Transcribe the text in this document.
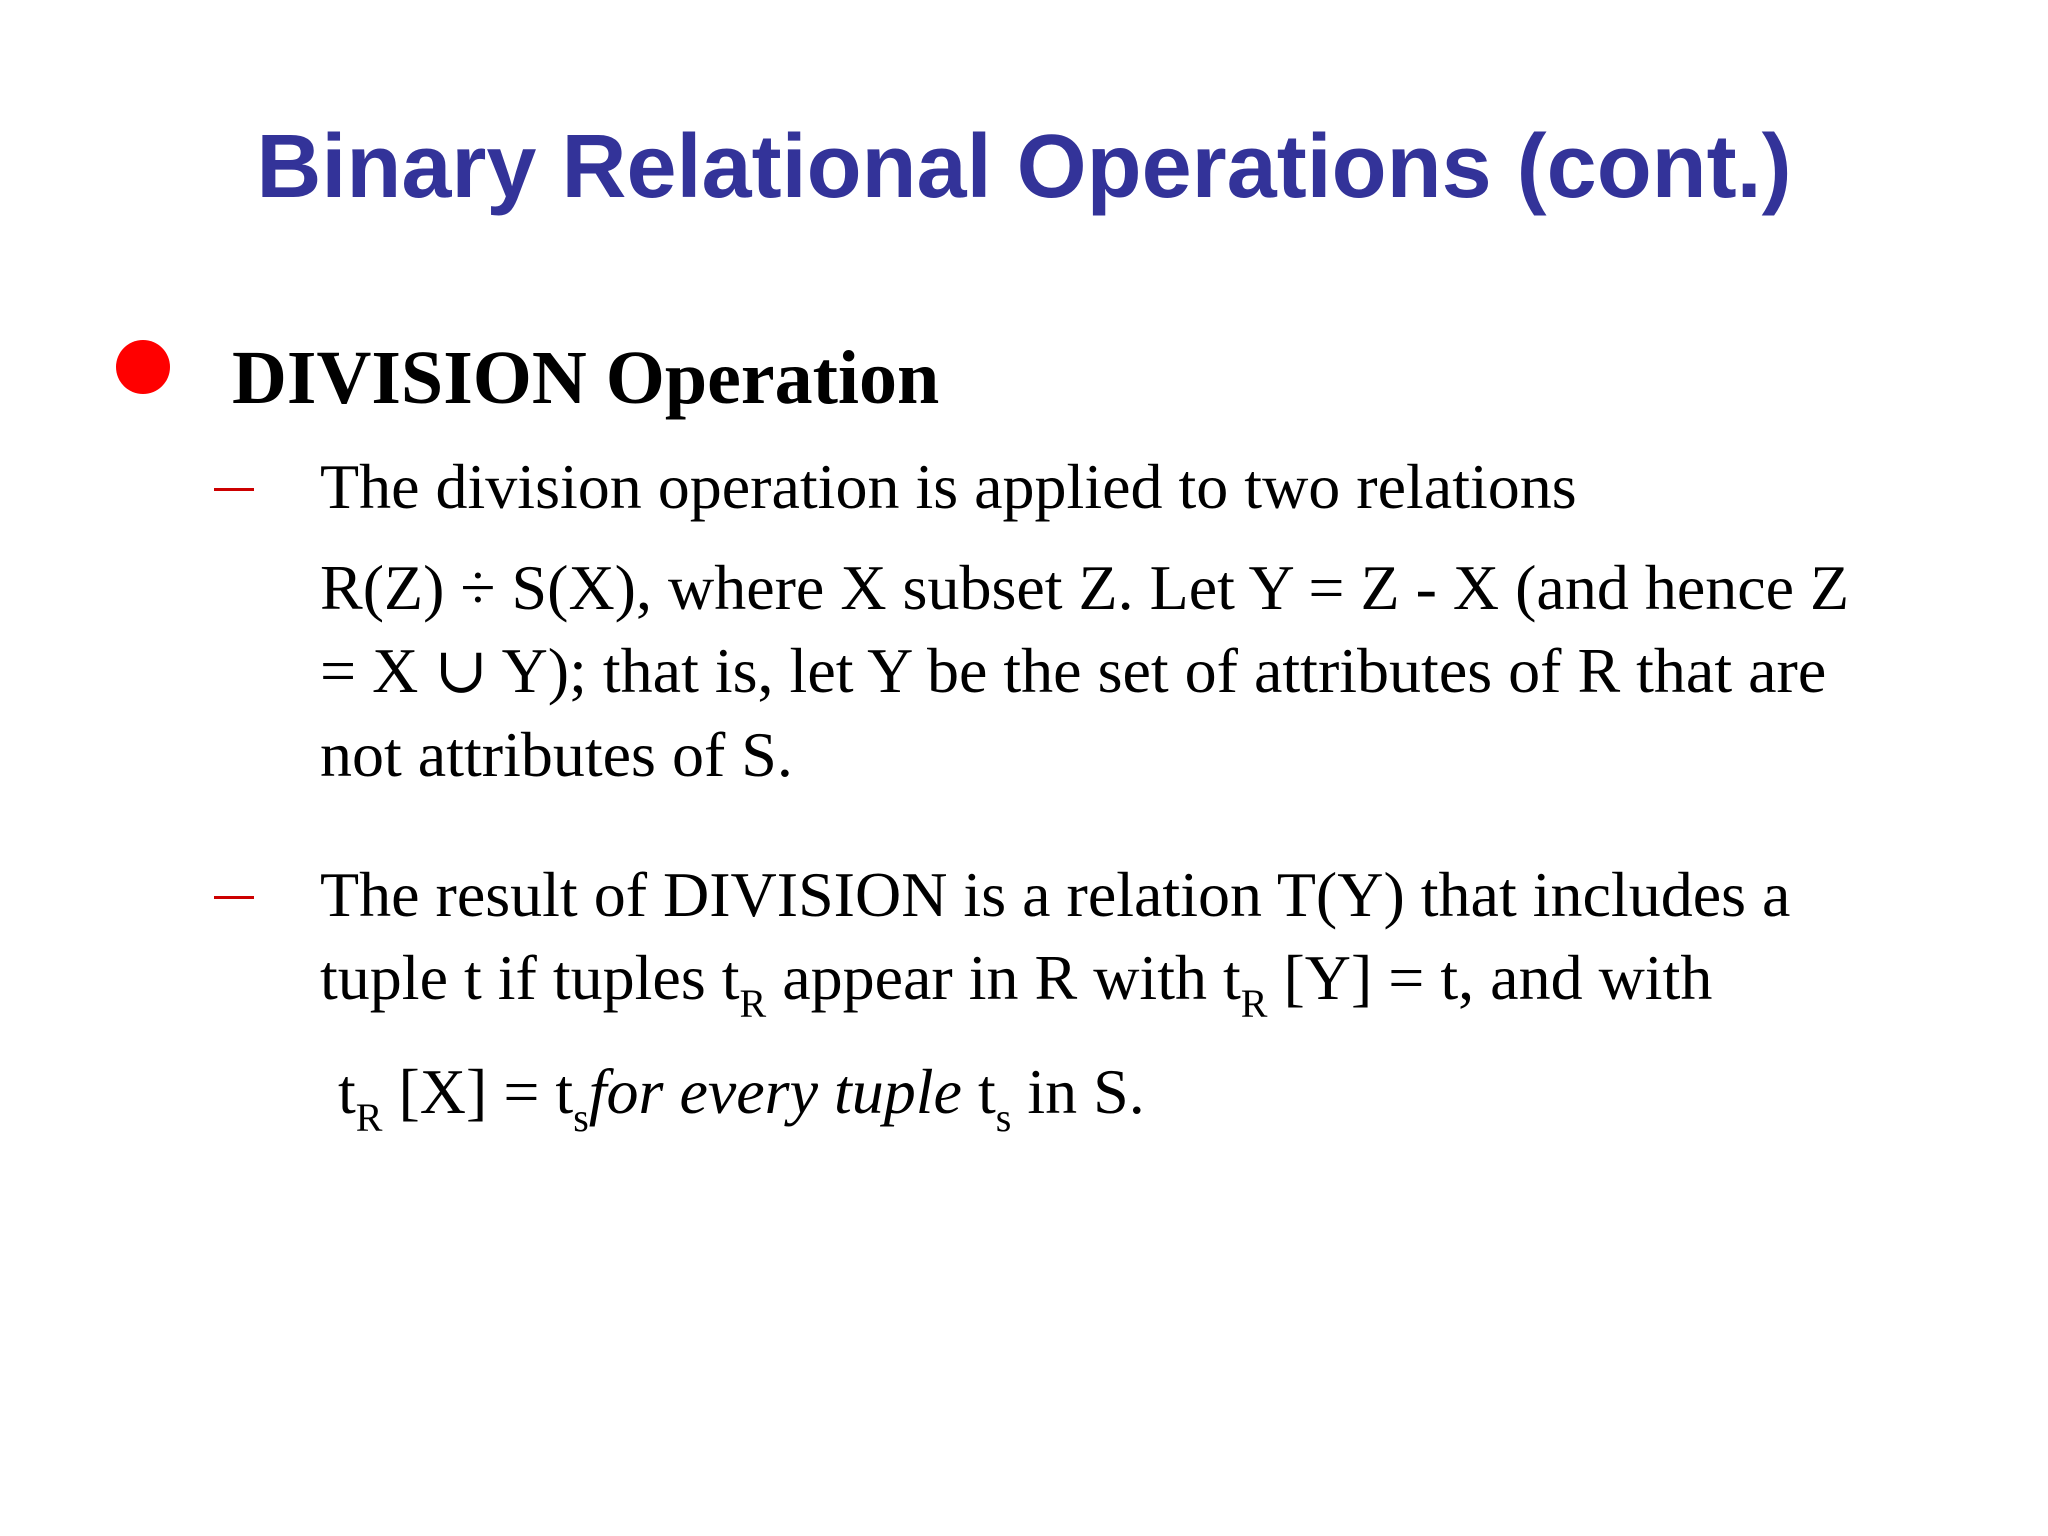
Binary Relational Operations (cont.)
DIVISION Operation
The division operation is applied to two relations
R(Z) ÷ S(X), where X subset Z. Let Y = Z - X (and hence Z
= X ∪ Y); that is, let Y be the set of attributes of R that are
not attributes of S.
The result of DIVISION is a relation T(Y) that includes a
tuple t if tuples $t_R$ appear in R with $t_R$ [Y] = t, and with
$t_R$ $[X] = t_sfor$ every tuple $t_s$ in S.
